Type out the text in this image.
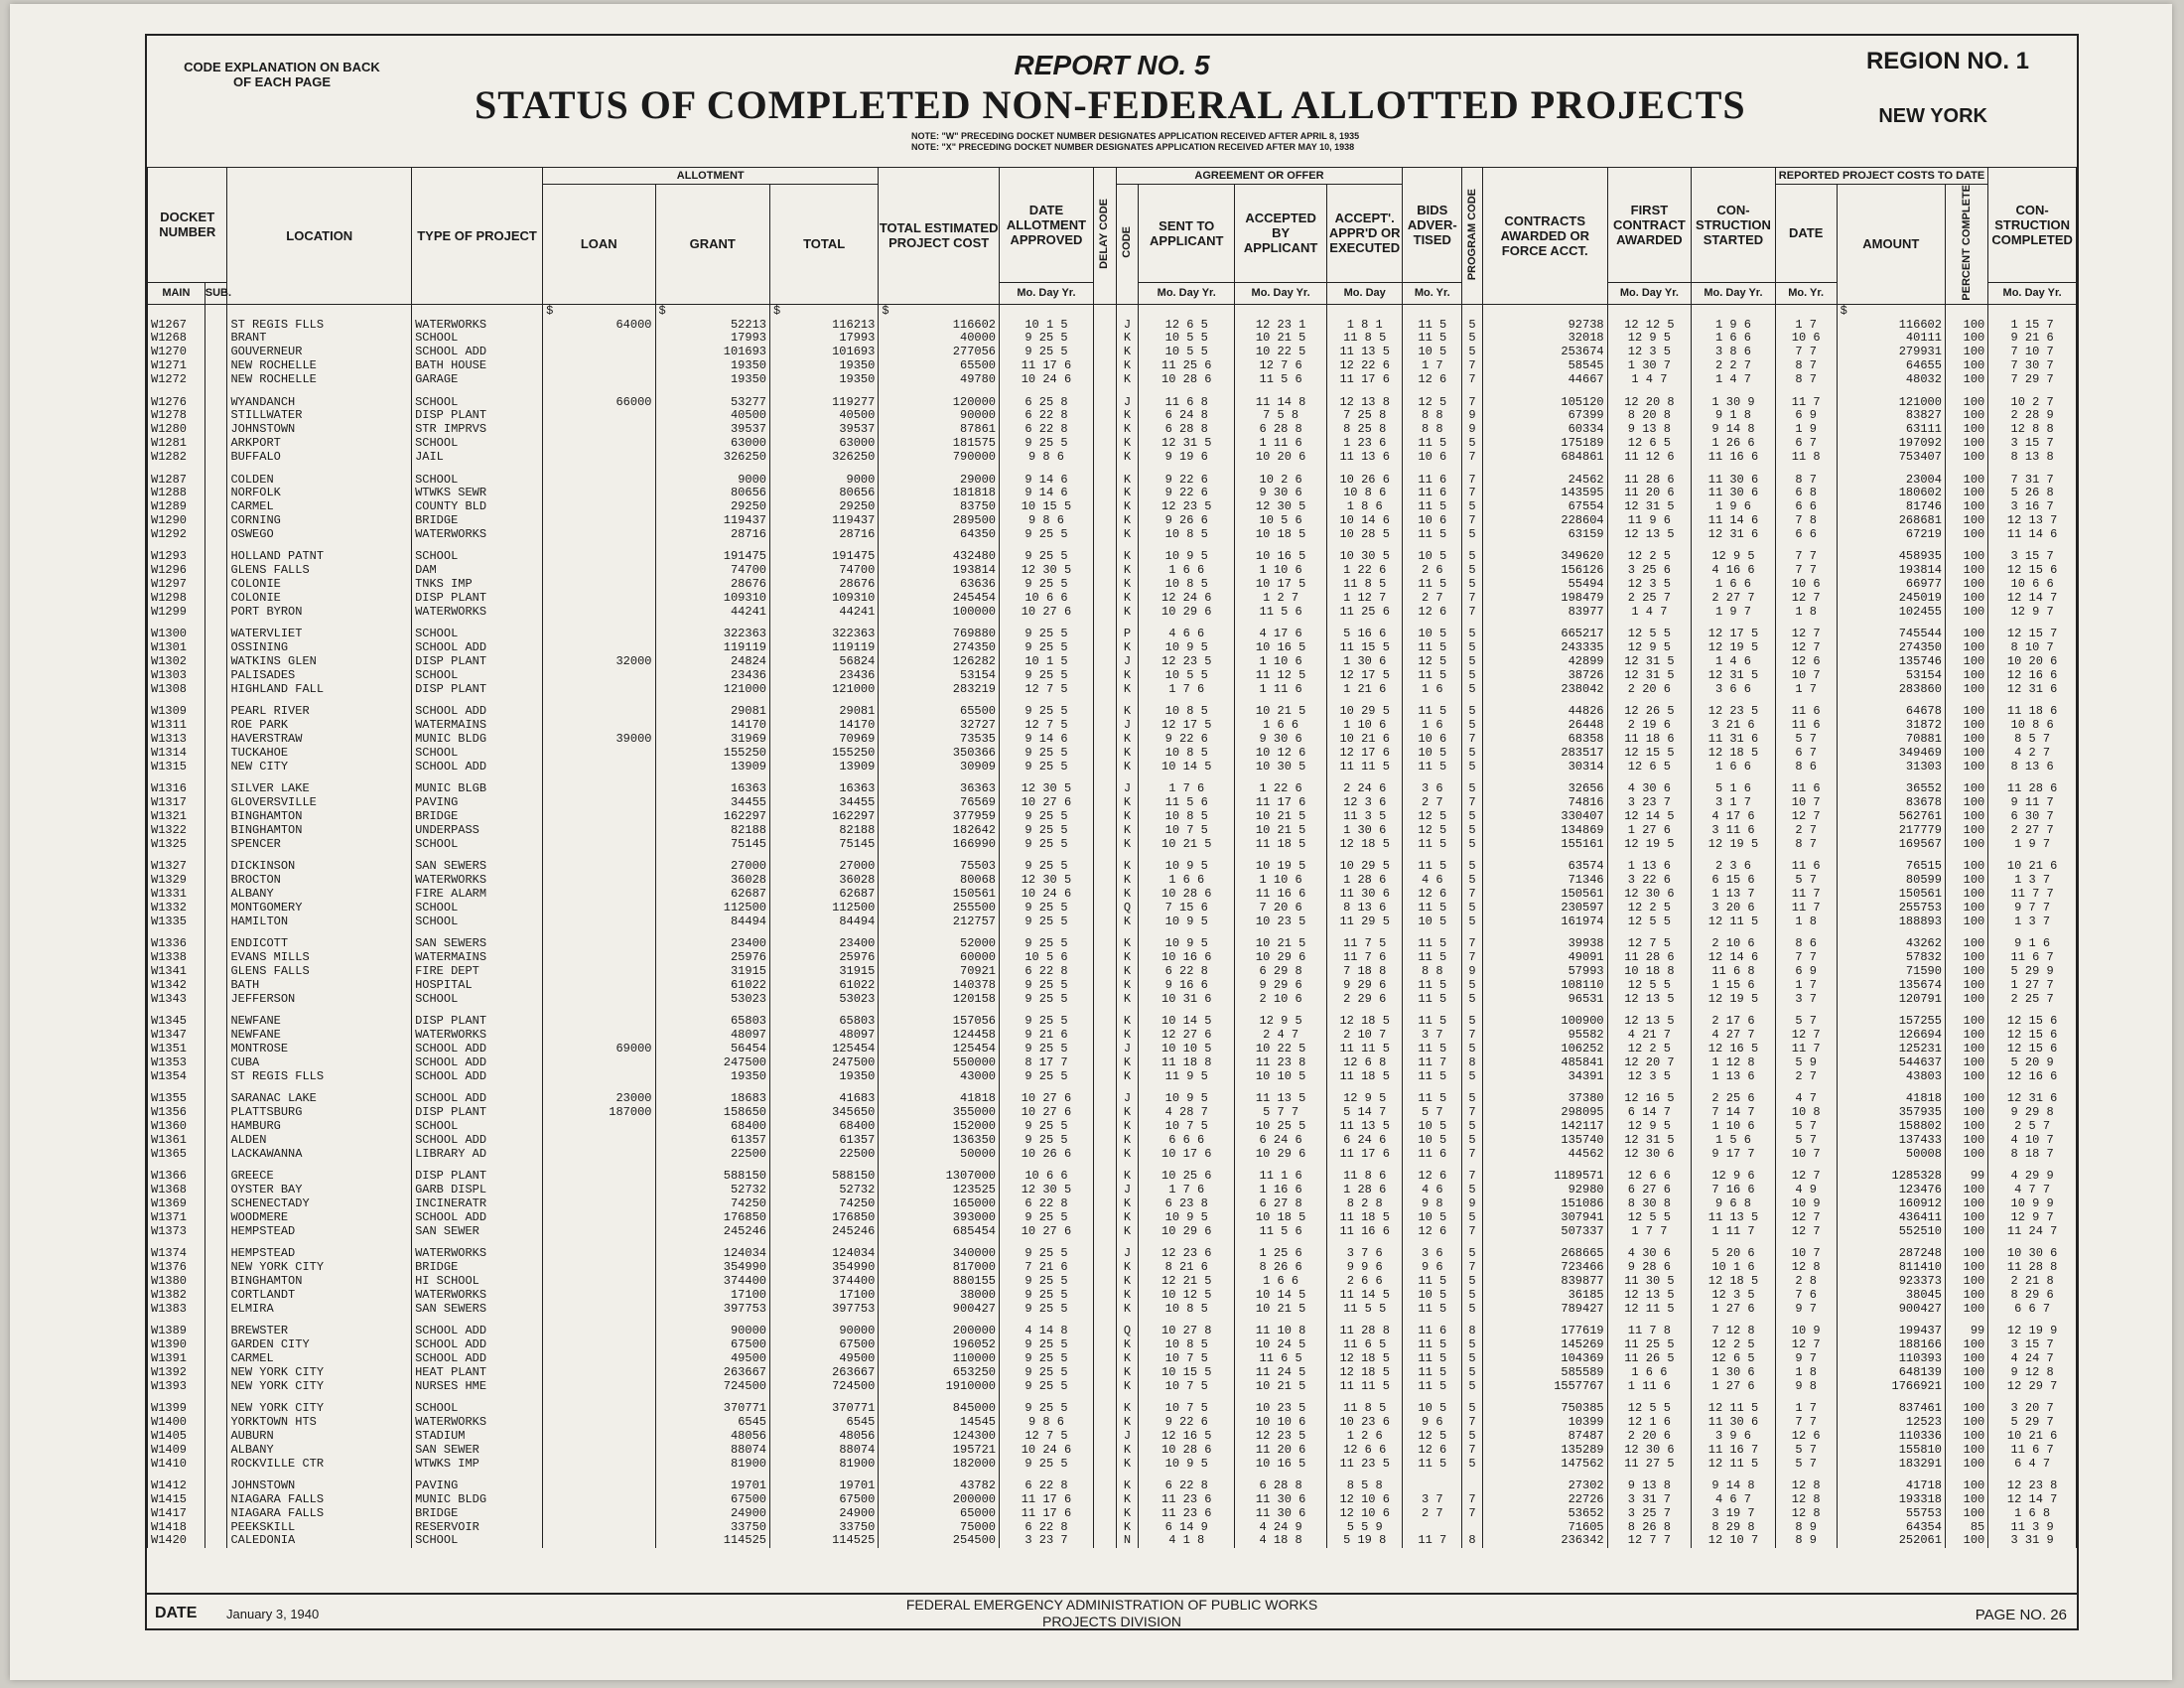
CODE EXPLANATION ON BACK OF EACH PAGE
REPORT NO. 5
STATUS OF COMPLETED NON-FEDERAL ALLOTTED PROJECTS
REGION NO. 1
NEW YORK
NOTE: "W" PRECEDING DOCKET NUMBER DESIGNATES APPLICATION RECEIVED AFTER APRIL 8, 1935
NOTE: "X" PRECEDING DOCKET NUMBER DESIGNATES APPLICATION RECEIVED AFTER MAY 10, 1938
DOCKET NUMBER		LOCATION	TYPE OF PROJECT	ALLOTMENT			TOTAL ESTIMATED PROJECT COST	DATE ALLOTMENT APPROVED	DELAY CODE	AGREEMENT OR OFFER				BIDS ADVER- TISED	PROGRAM CODE	CONTRACTS AWARDED OR FORCE ACCT.	FIRST CONTRACT AWARDED	CON- STRUCTION STARTED	REPORTED PROJECT COSTS TO DATE			CON- STRUCTION COMPLETED
				LOAN	GRANT	TOTAL				CODE	SENT TO APPLICANT	ACCEPTED BY APPLICANT	ACCEPT'. APPR'D OR EXECUTED						DATE	AMOUNT	PERCENT COMPLETE	
MAIN	SUB.							Mo. Day Yr.			Mo. Day Yr.	Mo. Day Yr.	Mo. Day	Mo. Yr.			Mo. Day Yr.	Mo. Day Yr.	Mo. Yr.			Mo. Day Yr.
				$	$	$	$													$		
W1267		ST REGIS FLLS	WATERWORKS	64000	52213	116213	116602	10 1 5		J	12 6 5	12 23 1	1 8 1	11 5	5	92738	12 12 5	1 9 6	1 7	116602	100	1 15 7
W1268		BRANT	SCHOOL		17993	17993	40000	9 25 5		K	10 5 5	10 21 5	11 8 5	11 5	5	32018	12 9 5	1 6 6	10 6	40111	100	9 21 6
W1270		GOUVERNEUR	SCHOOL ADD		101693	101693	277056	9 25 5		K	10 5 5	10 22 5	11 13 5	10 5	5	253674	12 3 5	3 8 6	7 7	279931	100	7 10 7
W1271		NEW ROCHELLE	BATH HOUSE		19350	19350	65500	11 17 6		K	11 25 6	12 7 6	12 22 6	1 7	7	58545	1 30 7	2 2 7	8 7	64655	100	7 30 7
W1272		NEW ROCHELLE	GARAGE		19350	19350	49780	10 24 6		K	10 28 6	11 5 6	11 17 6	12 6	7	44667	1 4 7	1 4 7	8 7	48032	100	7 29 7

W1276		WYANDANCH	SCHOOL	66000	53277	119277	120000	6 25 8		J	11 6 8	11 14 8	12 13 8	12 5	7	105120	12 20 8	1 30 9	11 7	121000	100	10 2 7
W1278		STILLWATER	DISP PLANT		40500	40500	90000	6 22 8		K	6 24 8	7 5 8	7 25 8	8 8	9	67399	8 20 8	9 1 8	6 9	83827	100	2 28 9
W1280		JOHNSTOWN	STR IMPRVS		39537	39537	87861	6 22 8		K	6 28 8	6 28 8	8 25 8	8 8	9	60334	9 13 8	9 14 8	1 9	63111	100	12 8 8
W1281		ARKPORT	SCHOOL		63000	63000	181575	9 25 5		K	12 31 5	1 11 6	1 23 6	11 5	5	175189	12 6 5	1 26 6	6 7	197092	100	3 15 7
W1282		BUFFALO	JAIL		326250	326250	790000	9 8 6		K	9 19 6	10 20 6	11 13 6	10 6	7	684861	11 12 6	11 16 6	11 8	753407	100	8 13 8

W1287		COLDEN	SCHOOL		9000	9000	29000	9 14 6		K	9 22 6	10 2 6	10 26 6	11 6	7	24562	11 28 6	11 30 6	8 7	23004	100	7 31 7
W1288		NORFOLK	WTWKS SEWR		80656	80656	181818	9 14 6		K	9 22 6	9 30 6	10 8 6	11 6	7	143595	11 20 6	11 30 6	6 8	180602	100	5 26 8
W1289		CARMEL	COUNTY BLD		29250	29250	83750	10 15 5		K	12 23 5	12 30 5	1 8 6	11 5	5	67554	12 31 5	1 9 6	6 6	81746	100	3 16 7
W1290		CORNING	BRIDGE		119437	119437	289500	9 8 6		K	9 26 6	10 5 6	10 14 6	10 6	7	228604	11 9 6	11 14 6	7 8	268681	100	12 13 7
W1292		OSWEGO	WATERWORKS		28716	28716	64350	9 25 5		K	10 8 5	10 18 5	10 28 5	11 5	5	63159	12 13 5	12 31 6	6 6	67219	100	11 14 6

W1293		HOLLAND PATNT	SCHOOL		191475	191475	432480	9 25 5		K	10 9 5	10 16 5	10 30 5	10 5	5	349620	12 2 5	12 9 5	7 7	458935	100	3 15 7
W1296		GLENS FALLS	DAM		74700	74700	193814	12 30 5		K	1 6 6	1 10 6	1 22 6	2 6	5	156126	3 25 6	4 16 6	7 7	193814	100	12 15 6
W1297		COLONIE	TNKS IMP		28676	28676	63636	9 25 5		K	10 8 5	10 17 5	11 8 5	11 5	5	55494	12 3 5	1 6 6	10 6	66977	100	10 6 6
W1298		COLONIE	DISP PLANT		109310	109310	245454	10 6 6		K	12 24 6	1 2 7	1 12 7	2 7	7	198479	2 25 7	2 27 7	12 7	245019	100	12 14 7
W1299		PORT BYRON	WATERWORKS		44241	44241	100000	10 27 6		K	10 29 6	11 5 6	11 25 6	12 6	7	83977	1 4 7	1 9 7	1 8	102455	100	12 9 7

W1300		WATERVLIET	SCHOOL		322363	322363	769880	9 25 5		P	4 6 6	4 17 6	5 16 6	10 5	5	665217	12 5 5	12 17 5	12 7	745544	100	12 15 7
W1301		OSSINING	SCHOOL ADD		119119	119119	274350	9 25 5		K	10 9 5	10 16 5	11 15 5	11 5	5	243335	12 9 5	12 19 5	12 7	274350	100	8 10 7
W1302		WATKINS GLEN	DISP PLANT	32000	24824	56824	126282	10 1 5		J	12 23 5	1 10 6	1 30 6	12 5	5	42899	12 31 5	1 4 6	12 6	135746	100	10 20 6
W1303		PALISADES	SCHOOL		23436	23436	53154	9 25 5		K	10 5 5	11 12 5	12 17 5	11 5	5	38726	12 31 5	12 31 5	10 7	53154	100	12 16 6
W1308		HIGHLAND FALL	DISP PLANT		121000	121000	283219	12 7 5		K	1 7 6	1 11 6	1 21 6	1 6	5	238042	2 20 6	3 6 6	1 7	283860	100	12 31 6

W1309		PEARL RIVER	SCHOOL ADD		29081	29081	65500	9 25 5		K	10 8 5	10 21 5	10 29 5	11 5	5	44826	12 26 5	12 23 5	11 6	64678	100	11 18 6
W1311		ROE PARK	WATERMAINS		14170	14170	32727	12 7 5		J	12 17 5	1 6 6	1 10 6	1 6	5	26448	2 19 6	3 21 6	11 6	31872	100	10 8 6
W1313		HAVERSTRAW	MUNIC BLDG	39000	31969	70969	73535	9 14 6		K	9 22 6	9 30 6	10 21 6	10 6	7	68358	11 18 6	11 31 6	5 7	70881	100	8 5 7
W1314		TUCKAHOE	SCHOOL		155250	155250	350366	9 25 5		K	10 8 5	10 12 6	12 17 6	10 5	5	283517	12 15 5	12 18 5	6 7	349469	100	4 2 7
W1315		NEW CITY	SCHOOL ADD		13909	13909	30909	9 25 5		K	10 14 5	10 30 5	11 11 5	11 5	5	30314	12 6 5	1 6 6	8 6	31303	100	8 13 6

W1316		SILVER LAKE	MUNIC BLGB		16363	16363	36363	12 30 5		J	1 7 6	1 22 6	2 24 6	3 6	5	32656	4 30 6	5 1 6	11 6	36552	100	11 28 6
W1317		GLOVERSVILLE	PAVING		34455	34455	76569	10 27 6		K	11 5 6	11 17 6	12 3 6	2 7	7	74816	3 23 7	3 1 7	10 7	83678	100	9 11 7
W1321		BINGHAMTON	BRIDGE		162297	162297	377959	9 25 5		K	10 8 5	10 21 5	11 3 5	12 5	5	330407	12 14 5	4 17 6	12 7	562761	100	6 30 7
W1322		BINGHAMTON	UNDERPASS		82188	82188	182642	9 25 5		K	10 7 5	10 21 5	1 30 6	12 5	5	134869	1 27 6	3 11 6	2 7	217779	100	2 27 7
W1325		SPENCER	SCHOOL		75145	75145	166990	9 25 5		K	10 21 5	11 18 5	12 18 5	11 5	5	155161	12 19 5	12 19 5	8 7	169567	100	1 9 7

W1327		DICKINSON	SAN SEWERS		27000	27000	75503	9 25 5		K	10 9 5	10 19 5	10 29 5	11 5	5	63574	1 13 6	2 3 6	11 6	76515	100	10 21 6
W1329		BROCTON	WATERWORKS		36028	36028	80068	12 30 5		K	1 6 6	1 10 6	1 28 6	4 6	5	71346	3 22 6	6 15 6	5 7	80599	100	1 3 7
W1331		ALBANY	FIRE ALARM		62687	62687	150561	10 24 6		K	10 28 6	11 16 6	11 30 6	12 6	7	150561	12 30 6	1 13 7	11 7	150561	100	11 7 7
W1332		MONTGOMERY	SCHOOL		112500	112500	255500	9 25 5		Q	7 15 6	7 20 6	8 13 6	11 5	5	230597	12 2 5	3 20 6	11 7	255753	100	9 7 7
W1335		HAMILTON	SCHOOL		84494	84494	212757	9 25 5		K	10 9 5	10 23 5	11 29 5	10 5	5	161974	12 5 5	12 11 5	1 8	188893	100	1 3 7

W1336		ENDICOTT	SAN SEWERS		23400	23400	52000	9 25 5		K	10 9 5	10 21 5	11 7 5	11 5	7	39938	12 7 5	2 10 6	8 6	43262	100	9 1 6
W1338		EVANS MILLS	WATERMAINS		25976	25976	60000	10 5 6		K	10 16 6	10 29 6	11 7 6	11 5	7	49091	11 28 6	12 14 6	7 7	57832	100	11 6 7
W1341		GLENS FALLS	FIRE DEPT		31915	31915	70921	6 22 8		K	6 22 8	6 29 8	7 18 8	8 8	9	57993	10 18 8	11 6 8	6 9	71590	100	5 29 9
W1342		BATH	HOSPITAL		61022	61022	140378	9 25 5		K	9 16 6	9 29 6	9 29 6	11 5	5	108110	12 5 5	1 15 6	1 7	135674	100	1 27 7
W1343		JEFFERSON	SCHOOL		53023	53023	120158	9 25 5		K	10 31 6	2 10 6	2 29 6	11 5	5	96531	12 13 5	12 19 5	3 7	120791	100	2 25 7

W1345		NEWFANE	DISP PLANT		65803	65803	157056	9 25 5		K	10 14 5	12 9 5	12 18 5	11 5	5	100900	12 13 5	2 17 6	5 7	157255	100	12 15 6
W1347		NEWFANE	WATERWORKS		48097	48097	124458	9 21 6		K	12 27 6	2 4 7	2 10 7	3 7	7	95582	4 21 7	4 27 7	12 7	126694	100	12 15 6
W1351		MONTROSE	SCHOOL ADD	69000	56454	125454	125454	9 25 5		J	10 10 5	10 22 5	11 11 5	11 5	5	106252	12 2 5	12 16 5	11 7	125231	100	12 15 6
W1353		CUBA	SCHOOL ADD		247500	247500	550000	8 17 7		K	11 18 8	11 23 8	12 6 8	11 7	8	485841	12 20 7	1 12 8	5 9	544637	100	5 20 9
W1354		ST REGIS FLLS	SCHOOL ADD		19350	19350	43000	9 25 5		K	11 9 5	10 10 5	11 18 5	11 5	5	34391	12 3 5	1 13 6	2 7	43803	100	12 16 6

W1355		SARANAC LAKE	SCHOOL ADD	23000	18683	41683	41818	10 27 6		J	10 9 5	11 13 5	12 9 5	11 5	5	37380	12 16 5	2 25 6	4 7	41818	100	12 31 6
W1356		PLATTSBURG	DISP PLANT	187000	158650	345650	355000	10 27 6		K	4 28 7	5 7 7	5 14 7	5 7	7	298095	6 14 7	7 14 7	10 8	357935	100	9 29 8
W1360		HAMBURG	SCHOOL		68400	68400	152000	9 25 5		K	10 7 5	10 25 5	11 13 5	10 5	5	142117	12 9 5	1 10 6	5 7	158802	100	2 5 7
W1361		ALDEN	SCHOOL ADD		61357	61357	136350	9 25 5		K	6 6 6	6 24 6	6 24 6	10 5	5	135740	12 31 5	1 5 6	5 7	137433	100	4 10 7
W1365		LACKAWANNA	LIBRARY AD		22500	22500	50000	10 26 6		K	10 17 6	10 29 6	11 17 6	11 6	7	44562	12 30 6	9 17 7	10 7	50008	100	8 18 7

W1366		GREECE	DISP PLANT		588150	588150	1307000	10 6 6		K	10 25 6	11 1 6	11 8 6	12 6	7	1189571	12 6 6	12 9 6	12 7	1285328	99	4 29 9
W1368		OYSTER BAY	GARB DISPL		52732	52732	123525	12 30 5		J	1 7 6	1 16 6	1 28 6	4 6	5	92980	6 27 6	7 16 6	4 9	123476	100	4 7 7
W1369		SCHENECTADY	INCINERATR		74250	74250	165000	6 22 8		K	6 23 8	6 27 8	8 2 8	9 8	9	151086	8 30 8	9 6 8	10 9	160912	100	10 9 9
W1371		WOODMERE	SCHOOL ADD		176850	176850	393000	9 25 5		K	10 9 5	10 18 5	11 18 5	10 5	5	307941	12 5 5	11 13 5	12 7	436411	100	12 9 7
W1373		HEMPSTEAD	SAN SEWER		245246	245246	685454	10 27 6		K	10 29 6	11 5 6	11 16 6	12 6	7	507337	1 7 7	1 11 7	12 7	552510	100	11 24 7

W1374		HEMPSTEAD	WATERWORKS		124034	124034	340000	9 25 5		J	12 23 6	1 25 6	3 7 6	3 6	5	268665	4 30 6	5 20 6	10 7	287248	100	10 30 6
W1376		NEW YORK CITY	BRIDGE		354990	354990	817000	7 21 6		K	8 21 6	8 26 6	9 9 6	9 6	7	723466	9 28 6	10 1 6	12 8	811410	100	11 28 8
W1380		BINGHAMTON	HI SCHOOL		374400	374400	880155	9 25 5		K	12 21 5	1 6 6	2 6 6	11 5	5	839877	11 30 5	12 18 5	2 8	923373	100	2 21 8
W1382		CORTLANDT	WATERWORKS		17100	17100	38000	9 25 5		K	10 12 5	10 14 5	11 14 5	10 5	5	36185	12 13 5	12 3 5	7 6	38045	100	8 29 6
W1383		ELMIRA	SAN SEWERS		397753	397753	900427	9 25 5		K	10 8 5	10 21 5	11 5 5	11 5	5	789427	12 11 5	1 27 6	9 7	900427	100	6 6 7

W1389		BREWSTER	SCHOOL ADD		90000	90000	200000	4 14 8		Q	10 27 8	11 10 8	11 28 8	11 6	8	177619	11 7 8	7 12 8	10 9	199437	99	12 19 9
W1390		GARDEN CITY	SCHOOL ADD		67500	67500	196052	9 25 5		K	10 8 5	10 24 5	11 6 5	11 5	5	145269	11 25 5	12 2 5	12 7	188166	100	3 15 7
W1391		CARMEL	SCHOOL ADD		49500	49500	110000	9 25 5		K	10 7 5	11 6 5	12 18 5	11 5	5	104369	11 26 5	12 6 5	9 7	110393	100	4 24 7
W1392		NEW YORK CITY	HEAT PLANT		263667	263667	653250	9 25 5		K	10 15 5	11 24 5	12 18 5	11 5	5	585589	1 6 6	1 30 6	1 8	648139	100	9 12 8
W1393		NEW YORK CITY	NURSES HME		724500	724500	1910000	9 25 5		K	10 7 5	10 21 5	11 11 5	11 5	5	1557767	1 11 6	1 27 6	9 8	1766921	100	12 29 7

W1399		NEW YORK CITY	SCHOOL		370771	370771	845000	9 25 5		K	10 7 5	10 23 5	11 8 5	10 5	5	750385	12 5 5	12 11 5	1 7	837461	100	3 20 7
W1400		YORKTOWN HTS	WATERWORKS		6545	6545	14545	9 8 6		K	9 22 6	10 10 6	10 23 6	9 6	7	10399	12 1 6	11 30 6	7 7	12523	100	5 29 7
W1405		AUBURN	STADIUM		48056	48056	124300	12 7 5		J	12 16 5	12 23 5	1 2 6	12 5	5	87487	2 20 6	3 9 6	12 6	110336	100	10 21 6
W1409		ALBANY	SAN SEWER		88074	88074	195721	10 24 6		K	10 28 6	11 20 6	12 6 6	12 6	7	135289	12 30 6	11 16 7	5 7	155810	100	11 6 7
W1410		ROCKVILLE CTR	WTWKS IMP		81900	81900	182000	9 25 5		K	10 9 5	10 16 5	11 23 5	11 5	5	147562	11 27 5	12 11 5	5 7	183291	100	6 4 7

W1412		JOHNSTOWN	PAVING		19701	19701	43782	6 22 8		K	6 22 8	6 28 8	8 5 8			27302	9 13 8	9 14 8	12 8	41718	100	12 23 8
W1415		NIAGARA FALLS	MUNIC BLDG		67500	67500	200000	11 17 6		K	11 23 6	11 30 6	12 10 6	3 7	7	22726	3 31 7	4 6 7	12 8	193318	100	12 14 7
W1417		NIAGARA FALLS	BRIDGE		24900	24900	65000	11 17 6		K	11 23 6	11 30 6	12 10 6	2 7	7	53652	3 25 7	3 19 7	12 8	55753	100	1 6 8
W1418		PEEKSKILL	RESERVOIR		33750	33750	75000	6 22 8		K	6 14 9	4 24 9	5 5 9			71605	8 26 8	8 29 8	8 9	64354	85	11 3 9
W1420		CALEDONIA	SCHOOL		114525	114525	254500	3 23 7		N	4 1 8	4 18 8	5 19 8	11 7	8	236342	12 7 7	12 10 7	8 9	252061	100	3 31 9
DATE January 3, 1940
FEDERAL EMERGENCY ADMINISTRATION OF PUBLIC WORKS
PROJECTS DIVISION	PAGE NO. 26
